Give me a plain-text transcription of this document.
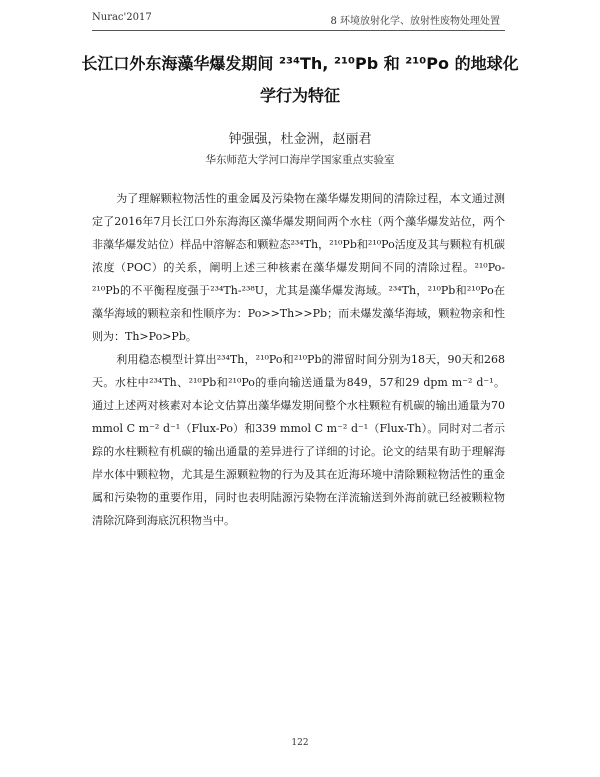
Nurac'2017	8 环境放射化学、放射性废物处理处置
长江口外东海藻华爆发期间 ²³⁴Th, ²¹⁰Pb 和 ²¹⁰Po 的地球化学行为特征
钟强强，杜金洲，赵丽君
华东师范大学河口海岸学国家重点实验室

为了理解颗粒物活性的重金属及污染物在藻华爆发期间的清除过程，本文通过测定了2016年7月长江口外东海海区藻华爆发期间两个水柱（两个藻华爆发站位，两个非藻华爆发站位）样品中溶解态和颗粒态²³⁴Th，²¹⁰Pb和²¹⁰Po活度及其与颗粒有机碳浓度（POC）的关系，阐明上述三种核素在藻华爆发期间不同的清除过程。²¹⁰Po-²¹⁰Pb的不平衡程度强于²³⁴Th-²³⁸U，尤其是藻华爆发海域。²³⁴Th，²¹⁰Pb和²¹⁰Po在藻华海域的颗粒亲和性顺序为：Po>>Th>>Pb；而未爆发藻华海域，颗粒物亲和性则为：Th>Po>Pb。

利用稳态模型计算出²³⁴Th，²¹⁰Po和²¹⁰Pb的滞留时间分别为18天，90天和268天。水柱中²³⁴Th、²¹⁰Pb和²¹⁰Po的垂向输送通量为849，57和29 dpm m⁻² d⁻¹。通过上述两对核素对本论文估算出藻华爆发期间整个水柱颗粒有机碳的输出通量为70 mmol C m⁻² d⁻¹（Flux-Po）和339 mmol C m⁻² d⁻¹（Flux-Th）。同时对二者示踪的水柱颗粒有机碳的输出通量的差异进行了详细的讨论。论文的结果有助于理解海岸水体中颗粒物，尤其是生源颗粒物的行为及其在近海环境中清除颗粒物活性的重金属和污染物的重要作用，同时也表明陆源污染物在洋流输送到外海前就已经被颗粒物清除沉降到海底沉积物当中。

122
